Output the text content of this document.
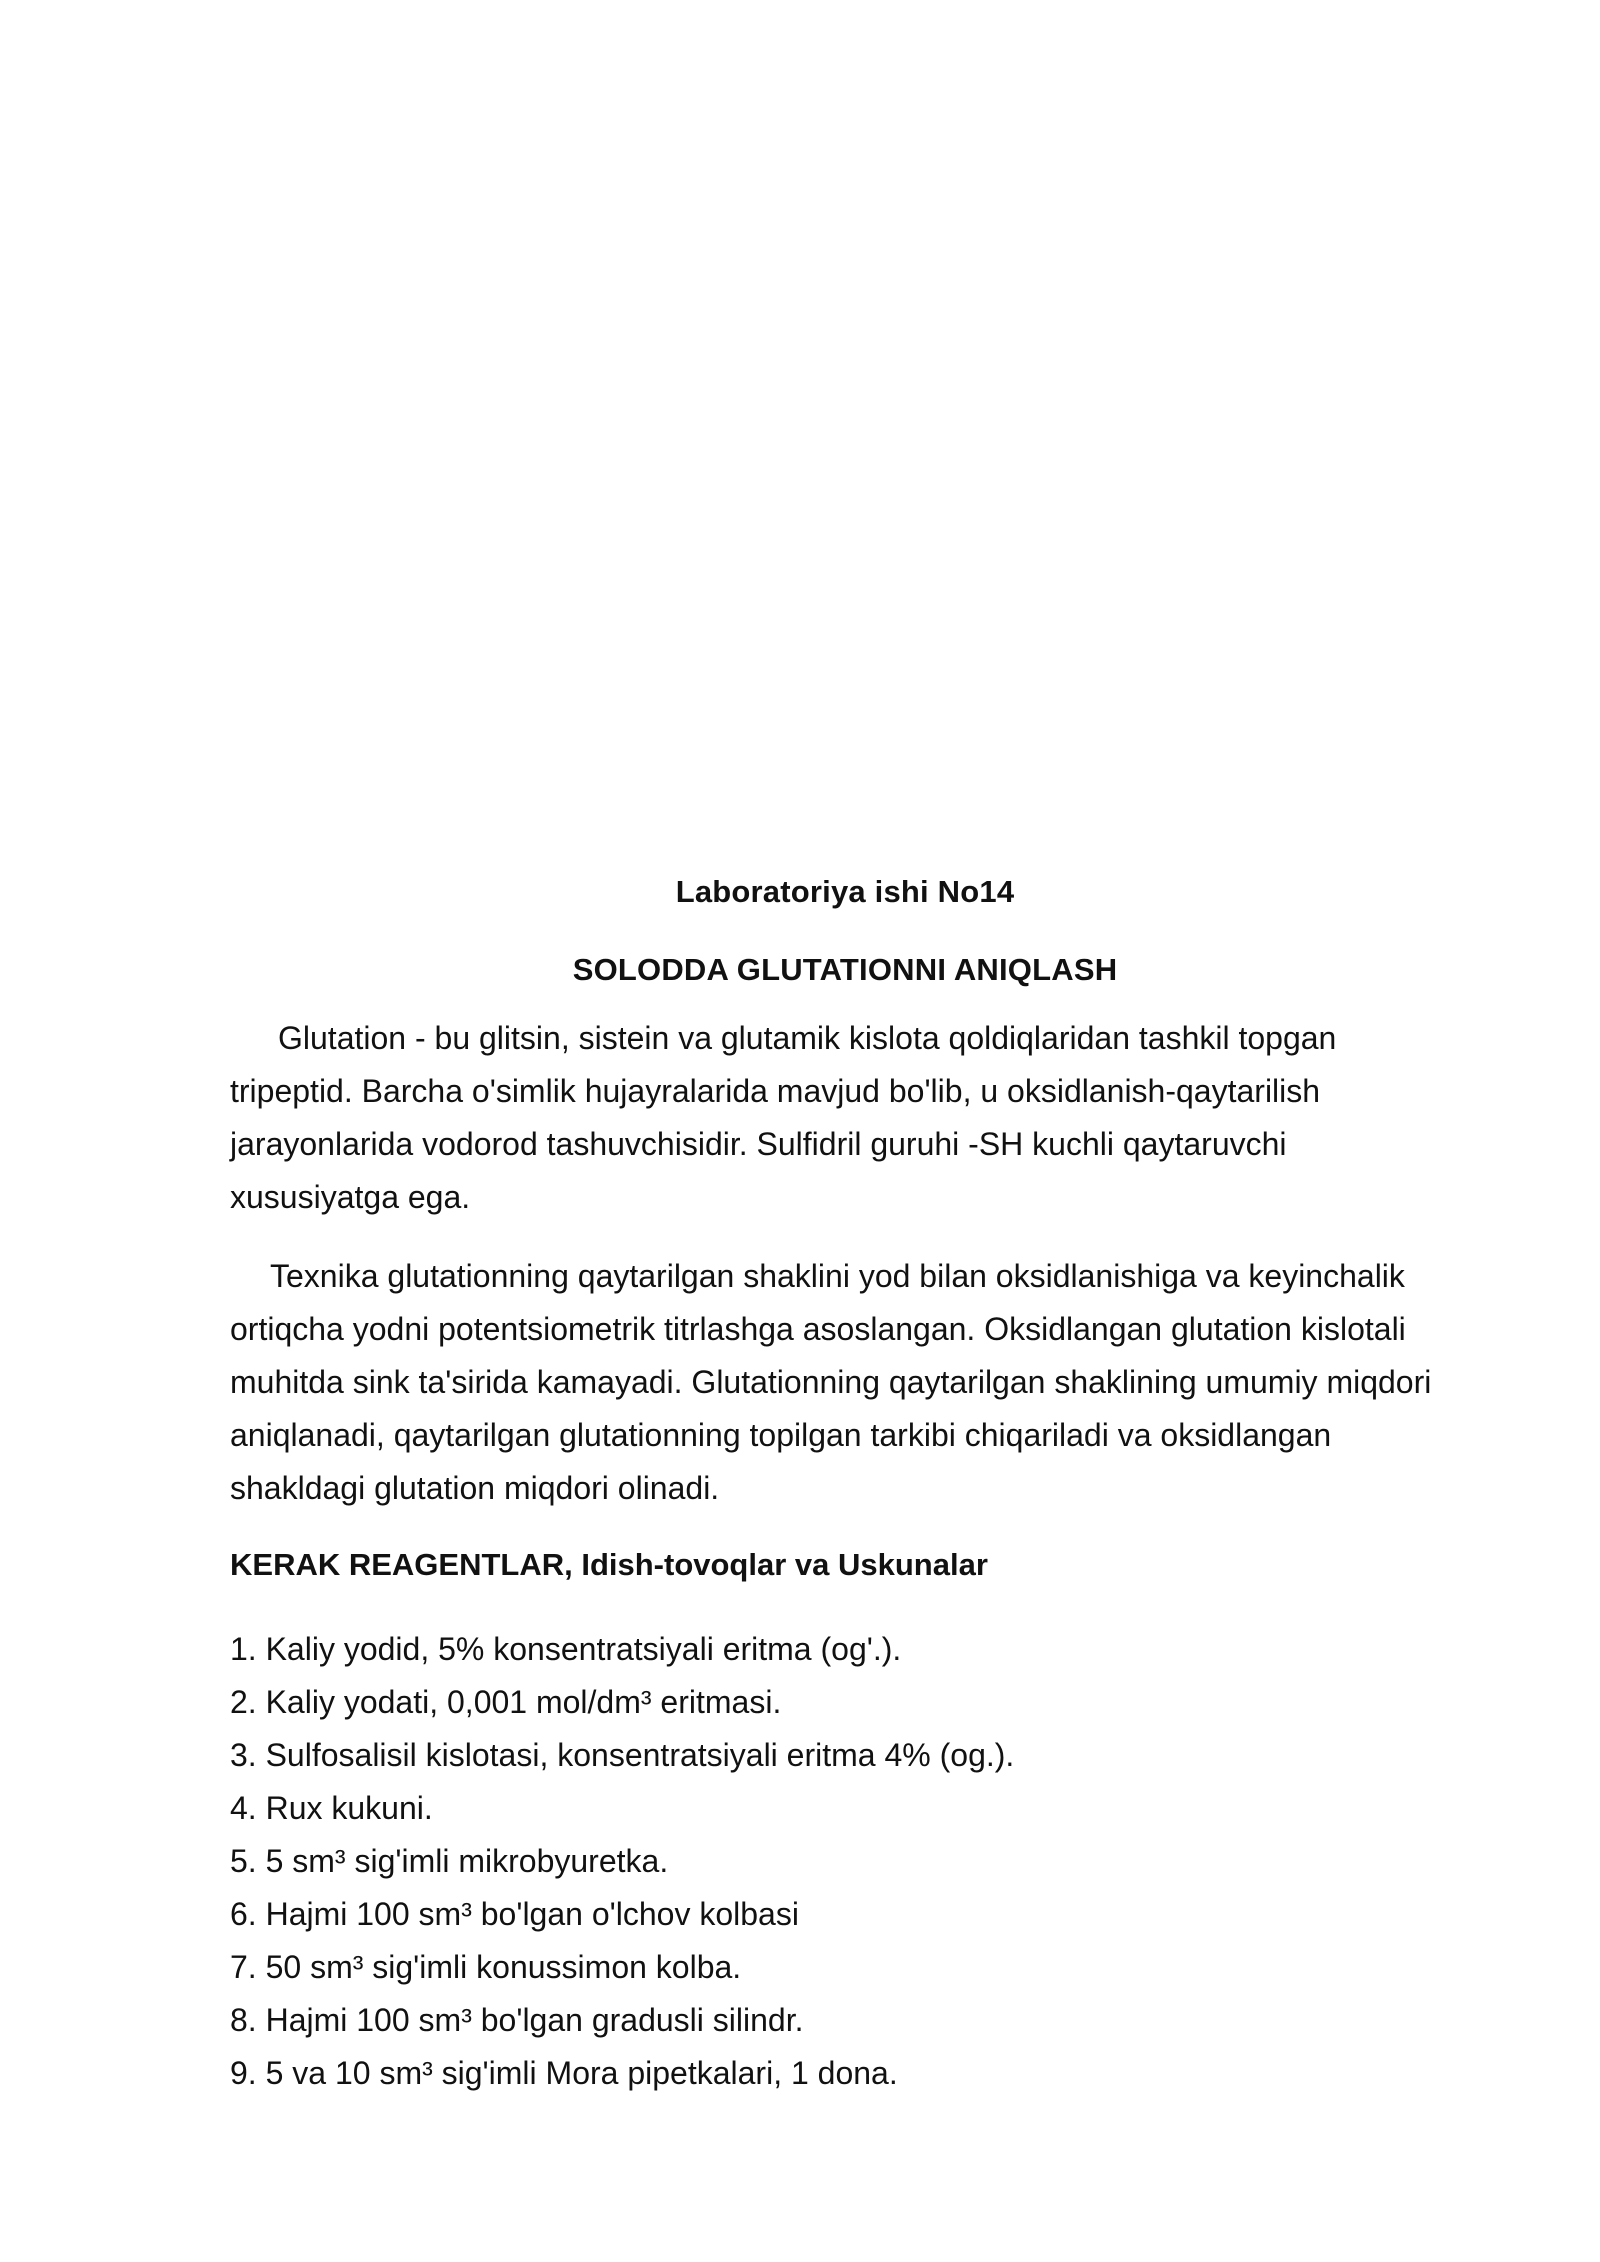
Laboratoriya ishi No14
SOLODDA GLUTATIONNI ANIQLASH

Glutation - bu glitsin, sistein va glutamik kislota qoldiqlaridan tashkil topgan tripeptid. Barcha o'simlik hujayralarida mavjud bo'lib, u oksidlanish-qaytarilish jarayonlarida vodorod tashuvchisidir. Sulfidril guruhi -SH kuchli qaytaruvchi xususiyatga ega.

Texnika glutationning qaytarilgan shaklini yod bilan oksidlanishiga va keyinchalik ortiqcha yodni potentsiometrik titrlashga asoslangan. Oksidlangan glutation kislotali muhitda sink ta'sirida kamayadi. Glutationning qaytarilgan shaklining umumiy miqdori aniqlanadi, qaytarilgan glutationning topilgan tarkibi chiqariladi va oksidlangan shakldagi glutation miqdori olinadi.

KERAK REAGENTLAR, Idish-tovoqlar va Uskunalar
1. Kaliy yodid, 5% konsentratsiyali eritma (og'.).
2. Kaliy yodati, 0,001 mol/dm³ eritmasi.
3. Sulfosalisil kislotasi, konsentratsiyali eritma 4% (og.).
4. Rux kukuni.
5. 5 sm³ sig'imli mikrobyuretka.
6. Hajmi 100 sm³ bo'lgan o'lchov kolbasi
7. 50 sm³ sig'imli konussimon kolba.
8. Hajmi 100 sm³ bo'lgan gradusli silindr.
9. 5 va 10 sm³ sig'imli Mora pipetkalari, 1 dona.
